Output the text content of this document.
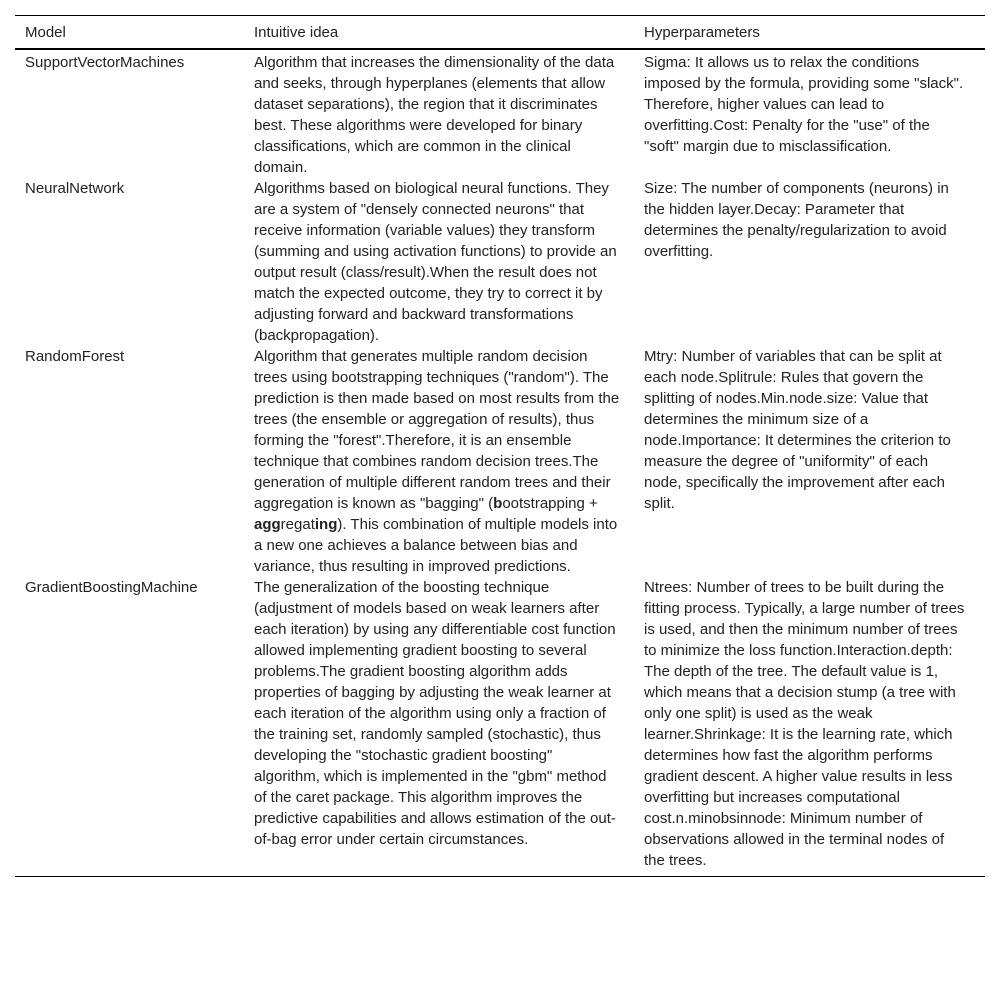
Model	Intuitive idea	Hyperparameters
SupportVectorMachines	Algorithm that increases the dimensionality of the data and seeks, through hyperplanes (elements that allow dataset separations), the region that it discriminates best. These algorithms were developed for binary classifications, which are common in the clinical domain.	Sigma: It allows us to relax the conditions imposed by the formula, providing some "slack". Therefore, higher values can lead to overfitting.Cost: Penalty for the "use" of the "soft" margin due to misclassification.
NeuralNetwork	Algorithms based on biological neural functions. They are a system of "densely connected neurons" that receive information (variable values) they transform (summing and using activation functions) to provide an output result (class/result).When the result does not match the expected outcome, they try to correct it by adjusting forward and backward transformations (backpropagation).	Size: The number of components (neurons) in the hidden layer.Decay: Parameter that determines the penalty/regularization to avoid overfitting.
RandomForest	Algorithm that generates multiple random decision trees using bootstrapping techniques ("random"). The prediction is then made based on most results from the trees (the ensemble or aggregation of results), thus forming the "forest".Therefore, it is an ensemble technique that combines random decision trees.The generation of multiple different random trees and their aggregation is known as "bagging" (bootstrapping + aggregating). This combination of multiple models into a new one achieves a balance between bias and variance, thus resulting in improved predictions.	Mtry: Number of variables that can be split at each node.Splitrule: Rules that govern the splitting of nodes.Min.node.size: Value that determines the minimum size of a node.Importance: It determines the criterion to measure the degree of "uniformity" of each node, specifically the improvement after each split.
GradientBoostingMachine	The generalization of the boosting technique (adjustment of models based on weak learners after each iteration) by using any differentiable cost function allowed implementing gradient boosting to several problems.The gradient boosting algorithm adds properties of bagging by adjusting the weak learner at each iteration of the algorithm using only a fraction of the training set, randomly sampled (stochastic), thus developing the "stochastic gradient boosting" algorithm, which is implemented in the "gbm" method of the caret package. This algorithm improves the predictive capabilities and allows estimation of the out-of-bag error under certain circumstances.	Ntrees: Number of trees to be built during the fitting process. Typically, a large number of trees is used, and then the minimum number of trees to minimize the loss function.Interaction.depth: The depth of the tree. The default value is 1, which means that a decision stump (a tree with only one split) is used as the weak learner.Shrinkage: It is the learning rate, which determines how fast the algorithm performs gradient descent. A higher value results in less overfitting but increases computational cost.n.minobsinnode: Minimum number of observations allowed in the terminal nodes of the trees.
